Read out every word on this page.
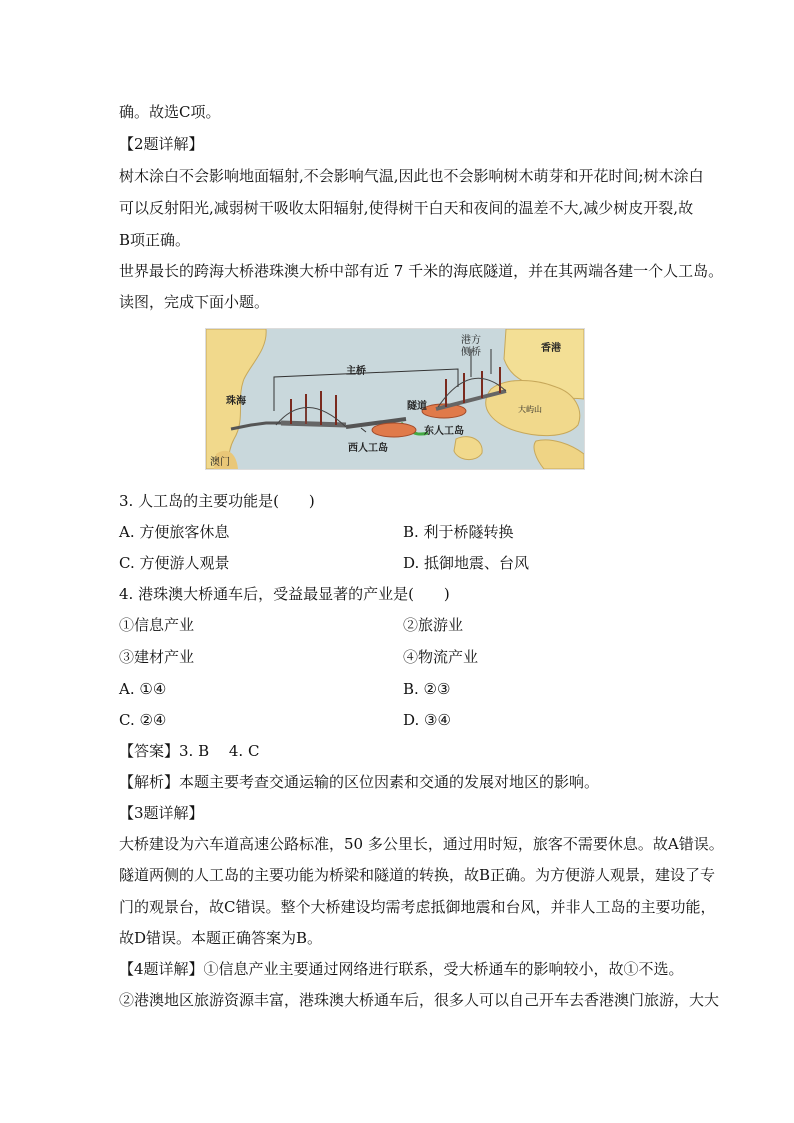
确。故选C项。
【2题详解】
树木涂白不会影响地面辐射,不会影响气温,因此也不会影响树木萌芽和开花时间;树木涂白
可以反射阳光,减弱树干吸收太阳辐射,使得树干白天和夜间的温差不大,减少树皮开裂,故
B项正确。
世界最长的跨海大桥港珠澳大桥中部有近 7 千米的海底隧道，并在其两端各建一个人工岛。
读图，完成下面小题。
珠海
澳门
香港
主桥
隧道
西人工岛
东人工岛
港方
侧桥
大屿山
3. 人工岛的主要功能是(　　)
A. 方便旅客休息	B. 利于桥隧转换
C. 方便游人观景	D. 抵御地震、台风
4. 港珠澳大桥通车后，受益最显著的产业是(　　)
①信息产业	②旅游业
③建材产业	④物流产业
A. ①④	B. ②③
C. ②④	D. ③④
【答案】3. B　 4. C
【解析】本题主要考查交通运输的区位因素和交通的发展对地区的影响。
【3题详解】
大桥建设为六车道高速公路标准，50 多公里长，通过用时短，旅客不需要休息。故A错误。
隧道两侧的人工岛的主要功能为桥梁和隧道的转换，故B正确。为方便游人观景，建设了专
门的观景台，故C错误。整个大桥建设均需考虑抵御地震和台风，并非人工岛的主要功能，
故D错误。本题正确答案为B。
【4题详解】①信息产业主要通过网络进行联系，受大桥通车的影响较小，故①不选。
②港澳地区旅游资源丰富，港珠澳大桥通车后，很多人可以自己开车去香港澳门旅游，大大
